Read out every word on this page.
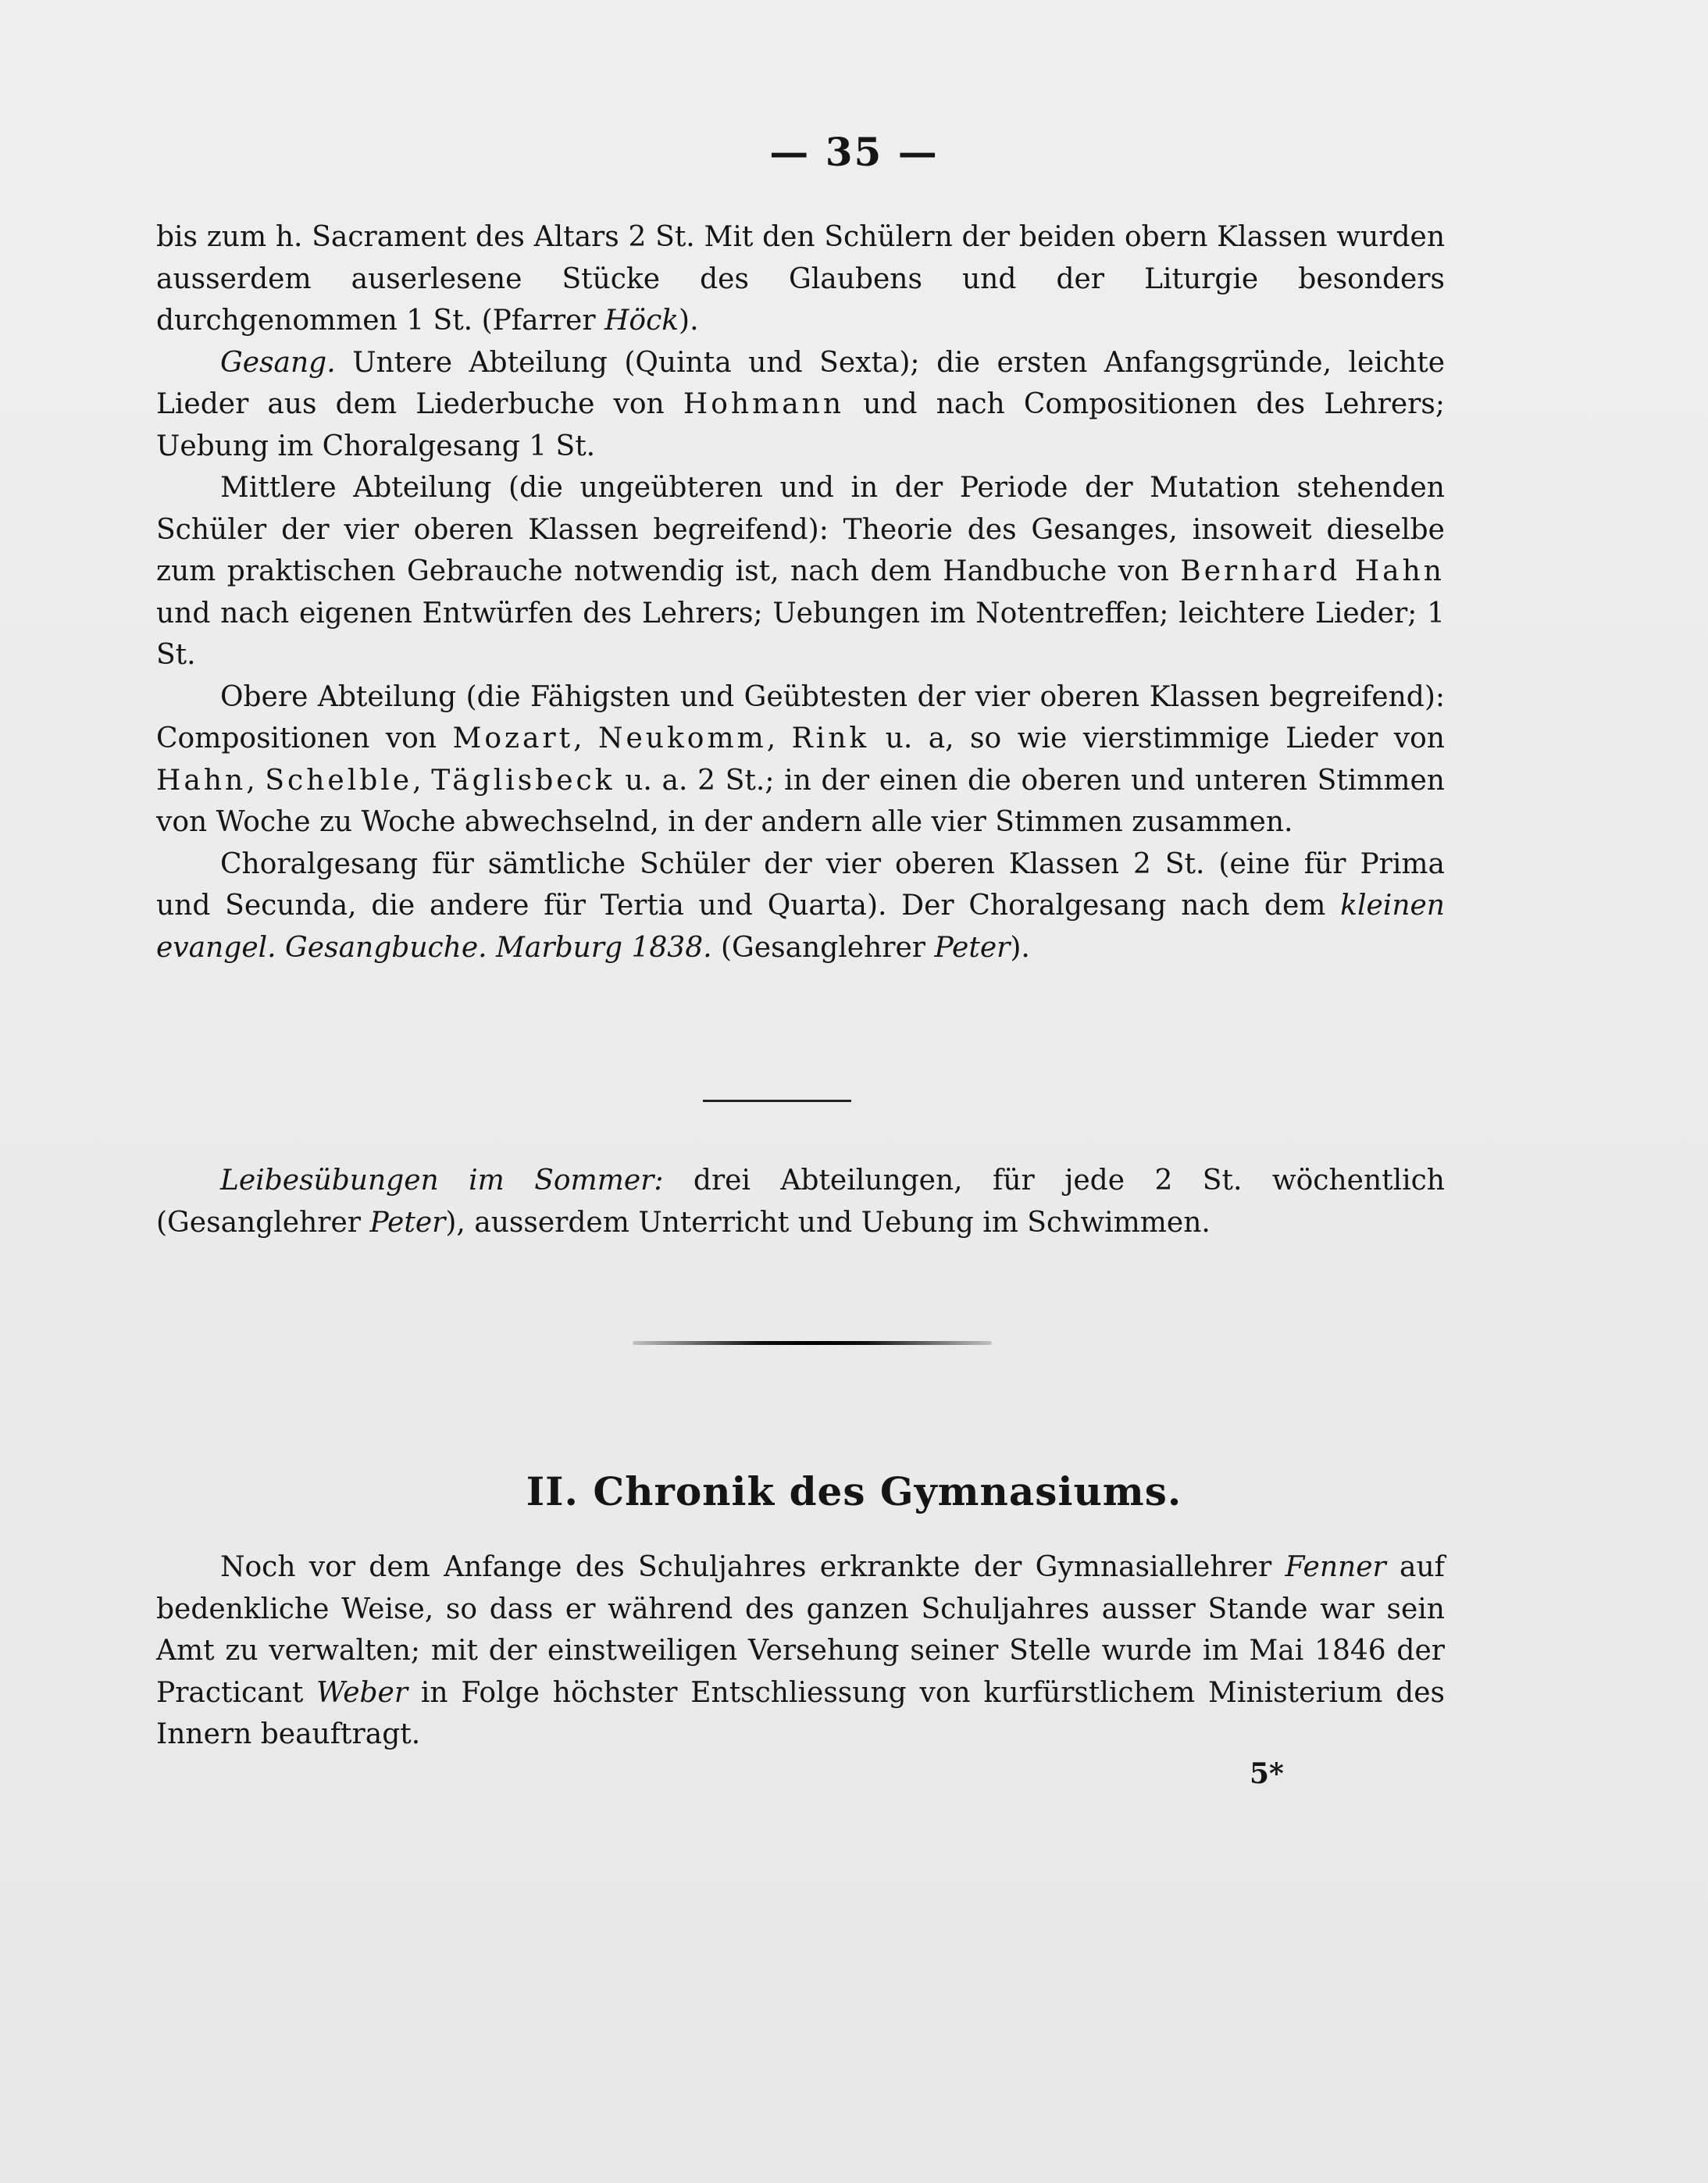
— 35 —

bis zum h. Sacrament des Altars 2 St. Mit den Schülern der beiden obern Klassen wurden ausserdem auserlesene Stücke des Glaubens und der Liturgie besonders durchgenommen 1 St. (Pfarrer Höck).

Gesang. Untere Abteilung (Quinta und Sexta); die ersten Anfangsgründe, leichte Lieder aus dem Liederbuche von Hohmann und nach Compositionen des Lehrers; Uebung im Choralgesang 1 St.

Mittlere Abteilung (die ungeübteren und in der Periode der Mutation stehenden Schüler der vier oberen Klassen begreifend): Theorie des Gesanges, insoweit dieselbe zum praktischen Gebrauche notwendig ist, nach dem Handbuche von Bernhard Hahn und nach eigenen Entwürfen des Lehrers; Uebungen im Notentreffen; leichtere Lieder; 1 St.

Obere Abteilung (die Fähigsten und Geübtesten der vier oberen Klassen begreifend): Compositionen von Mozart, Neukomm, Rink u. a, so wie vierstimmige Lieder von Hahn, Schelble, Täglisbeck u. a. 2 St.; in der einen die oberen und unteren Stimmen von Woche zu Woche abwechselnd, in der andern alle vier Stimmen zusammen.

Choralgesang für sämtliche Schüler der vier oberen Klassen 2 St. (eine für Prima und Secunda, die andere für Tertia und Quarta). Der Choralgesang nach dem kleinen evangel. Gesangbuche. Marburg 1838. (Gesanglehrer Peter).

Leibesübungen im Sommer: drei Abteilungen, für jede 2 St. wöchentlich (Gesanglehrer Peter), ausserdem Unterricht und Uebung im Schwimmen.

II. Chronik des Gymnasiums.

Noch vor dem Anfange des Schuljahres erkrankte der Gymnasiallehrer Fenner auf bedenkliche Weise, so dass er während des ganzen Schuljahres ausser Stande war sein Amt zu verwalten; mit der einstweiligen Versehung seiner Stelle wurde im Mai 1846 der Practicant Weber in Folge höchster Entschliessung von kurfürstlichem Ministerium des Innern beauftragt.

5*
